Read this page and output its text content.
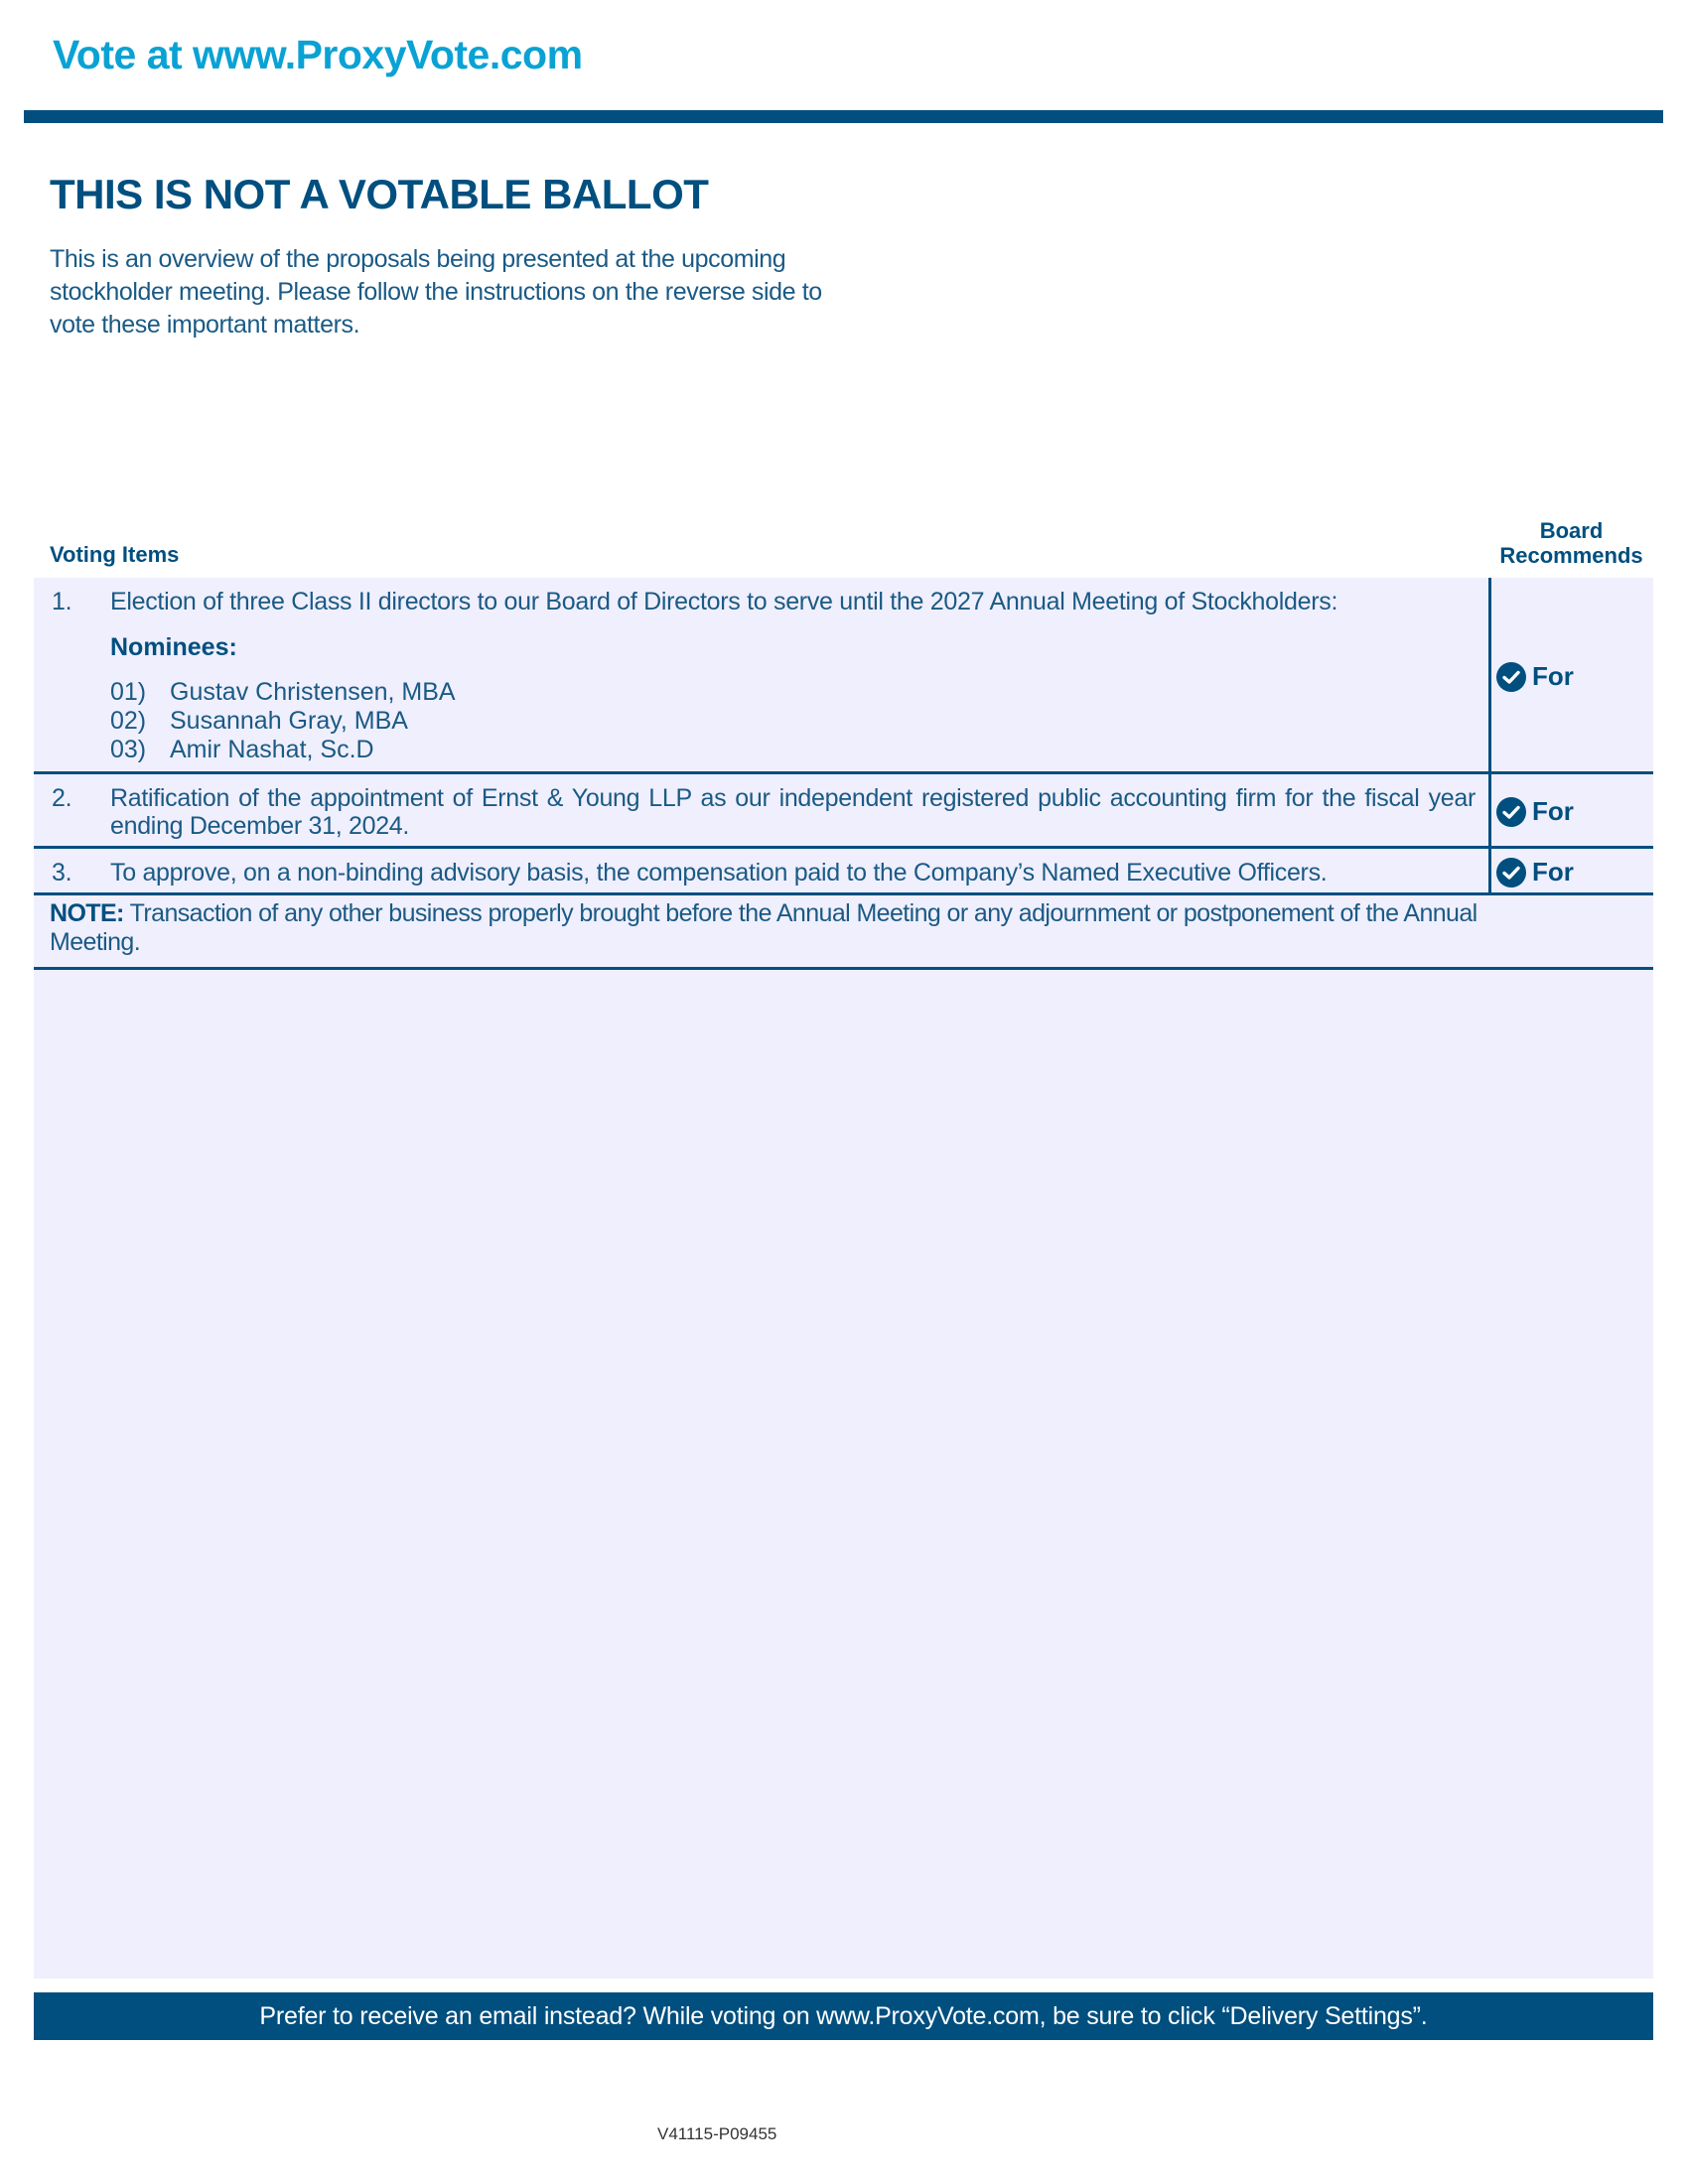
Vote at www.ProxyVote.com
THIS IS NOT A VOTABLE BALLOT

This is an overview of the proposals being presented at the upcoming stockholder meeting. Please follow the instructions on the reverse side to vote these important matters.

Voting Items
Board
Recommends
1. Election of three Class II directors to our Board of Directors to serve until the 2027 Annual Meeting of Stockholders:
Nominees:
01) Gustav Christensen, MBA
02) Susannah Gray, MBA
03) Amir Nashat, Sc.D
For
2. Ratification of the appointment of Ernst & Young LLP as our independent registered public accounting firm for the fiscal year ending December 31, 2024.	For
3. To approve, on a non-binding advisory basis, the compensation paid to the Company’s Named Executive Officers.	For
NOTE: Transaction of any other business properly brought before the Annual Meeting or any adjournment or postponement of the Annual Meeting.
Prefer to receive an email instead? While voting on www.ProxyVote.com, be sure to click “Delivery Settings”.
V41115-P09455
